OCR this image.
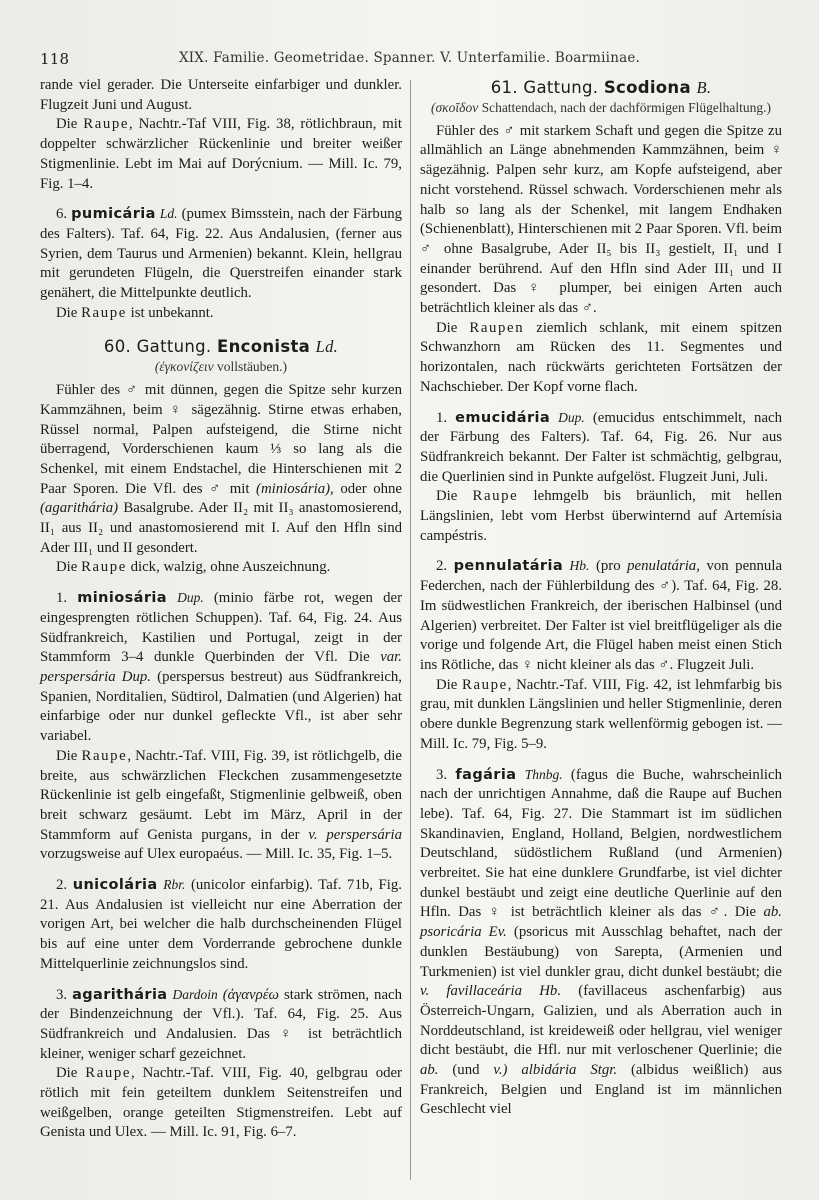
118	XIX. Familie. Geometridae. Spanner. V. Unterfamilie. Boarmiinae.

rande viel gerader. Die Unterseite einfarbiger und dunkler. Flugzeit Juni und August.

Die Raupe, Nachtr.-Taf VIII, Fig. 38, rötlichbraun, mit doppelter schwärzlicher Rückenlinie und breiter weißer Stigmenlinie. Lebt im Mai auf Dorýcnium. — Mill. Ic. 79, Fig. 1–4.

6. pumicária Ld. (pumex Bimsstein, nach der Färbung des Falters). Taf. 64, Fig. 22. Aus Andalusien, (ferner aus Syrien, dem Taurus und Armenien) bekannt. Klein, hellgrau mit gerundeten Flügeln, die Querstreifen einander stark genähert, die Mittelpunkte deutlich.

Die Raupe ist unbekannt.

60. Gattung. Enconista Ld.
(ἐγκονίζειν vollstäuben.)

Fühler des ♂ mit dünnen, gegen die Spitze sehr kurzen Kammzähnen, beim ♀ sägezähnig. Stirne etwas erhaben, Rüssel normal, Palpen aufsteigend, die Stirne nicht überragend, Vorderschienen kaum ⅓ so lang als die Schenkel, mit einem Endstachel, die Hinterschienen mit 2 Paar Sporen. Die Vfl. des ♂ mit (miniosária), oder ohne (agarithária) Basalgrube. Ader II₂ mit II₃ anastomosierend, II₁ aus II₂ und anastomosierend mit I. Auf den Hfln sind Ader III₁ und II gesondert.

Die Raupe dick, walzig, ohne Auszeichnung.

1. miniosária Dup. (minio färbe rot, wegen der eingesprengten rötlichen Schuppen). Taf. 64, Fig. 24. Aus Südfrankreich, Kastilien und Portugal, zeigt in der Stammform 3–4 dunkle Querbinden der Vfl. Die var. perspersária Dup. (perspersus bestreut) aus Südfrankreich, Spanien, Norditalien, Südtirol, Dalmatien (und Algerien) hat einfarbige oder nur dunkel gefleckte Vfl., ist aber sehr variabel.

Die Raupe, Nachtr.-Taf. VIII, Fig. 39, ist rötlichgelb, die breite, aus schwärzlichen Fleckchen zusammengesetzte Rückenlinie ist gelb eingefaßt, Stigmenlinie gelbweiß, oben breit schwarz gesäumt. Lebt im März, April in der Stammform auf Genista purgans, in der v. perspersária vorzugsweise auf Ulex europaéus. — Mill. Ic. 35, Fig. 1–5.

2. unicolária Rbr. (unicolor einfarbig). Taf. 71b, Fig. 21. Aus Andalusien ist vielleicht nur eine Aberration der vorigen Art, bei welcher die halb durchscheinenden Flügel bis auf eine unter dem Vorderrande gebrochene dunkle Mittelquerlinie zeichnungslos sind.

3. agarithária Dardoin (ἀγανρέω stark strömen, nach der Bindenzeichnung der Vfl.). Taf. 64, Fig. 25. Aus Südfrankreich und Andalusien. Das ♀ ist beträchtlich kleiner, weniger scharf gezeichnet.

Die Raupe, Nachtr.-Taf. VIII, Fig. 40, gelbgrau oder rötlich mit fein geteiltem dunklem Seitenstreifen und weißgelben, orange geteilten Stigmenstreifen. Lebt auf Genista und Ulex. — Mill. Ic. 91, Fig. 6–7.

61. Gattung. Scodiona B.
(σκοῖδον Schattendach, nach der dachförmigen Flügelhaltung.)

Fühler des ♂ mit starkem Schaft und gegen die Spitze zu allmählich an Länge abnehmenden Kammzähnen, beim ♀ sägezähnig. Palpen sehr kurz, am Kopfe aufsteigend, aber nicht vorstehend. Rüssel schwach. Vorderschienen mehr als halb so lang als der Schenkel, mit langem Endhaken (Schienenblatt), Hinterschienen mit 2 Paar Sporen. Vfl. beim ♂ ohne Basalgrube, Ader II₅ bis II₃ gestielt, II₁ und I einander berührend. Auf den Hfln sind Ader III₁ und II gesondert. Das ♀ plumper, bei einigen Arten auch beträchtlich kleiner als das ♂.

Die Raupen ziemlich schlank, mit einem spitzen Schwanzhorn am Rücken des 11. Segmentes und horizontalen, nach rückwärts gerichteten Fortsätzen der Nachschieber. Der Kopf vorne flach.

1. emucidária Dup. (emucidus entschimmelt, nach der Färbung des Falters). Taf. 64, Fig. 26. Nur aus Südfrankreich bekannt. Der Falter ist schmächtig, gelbgrau, die Querlinien sind in Punkte aufgelöst. Flugzeit Juni, Juli.

Die Raupe lehmgelb bis bräunlich, mit hellen Längslinien, lebt vom Herbst überwinternd auf Artemísia campéstris.

2. pennulatária Hb. (pro penulatária, von pennula Federchen, nach der Fühlerbildung des ♂). Taf. 64, Fig. 28. Im südwestlichen Frankreich, der iberischen Halbinsel (und Algerien) verbreitet. Der Falter ist viel breitflügeliger als die vorige und folgende Art, die Flügel haben meist einen Stich ins Rötliche, das ♀ nicht kleiner als das ♂. Flugzeit Juli.

Die Raupe, Nachtr.-Taf. VIII, Fig. 42, ist lehmfarbig bis grau, mit dunklen Längslinien und heller Stigmenlinie, deren obere dunkle Begrenzung stark wellenförmig gebogen ist. — Mill. Ic. 79, Fig. 5–9.

3. fagária Thnbg. (fagus die Buche, wahrscheinlich nach der unrichtigen Annahme, daß die Raupe auf Buchen lebe). Taf. 64, Fig. 27. Die Stammart ist im südlichen Skandinavien, England, Holland, Belgien, nordwestlichem Deutschland, südöstlichem Rußland (und Armenien) verbreitet. Sie hat eine dunklere Grundfarbe, ist viel dichter dunkel bestäubt und zeigt eine deutliche Querlinie auf den Hfln. Das ♀ ist beträchtlich kleiner als das ♂. Die ab. psoricária Ev. (psoricus mit Ausschlag behaftet, nach der dunklen Bestäubung) von Sarepta, (Armenien und Turkmenien) ist viel dunkler grau, dicht dunkel bestäubt; die v. favillaceária Hb. (favillaceus aschenfarbig) aus Österreich-Ungarn, Galizien, und als Aberration auch in Norddeutschland, ist kreideweiß oder hellgrau, viel weniger dicht bestäubt, die Hfl. nur mit verloschener Querlinie; die ab. (und v.) albidária Stgr. (albidus weißlich) aus Frankreich, Belgien und England ist im männlichen Geschlecht viel
